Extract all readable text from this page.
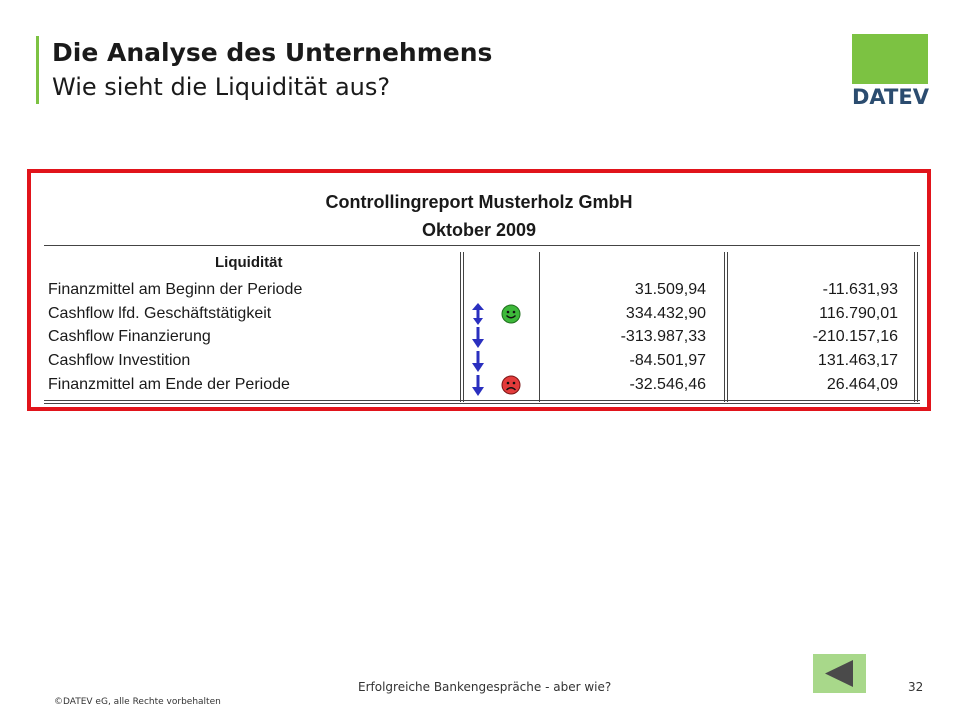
Die Analyse des Unternehmens
Wie sieht die Liquidität aus?	DATEV
Controllingreport Musterholz GmbH
Oktober 2009
Liquidität
Finanzmittel am Beginn der Periode	31.509,94	-11.631,93
Cashflow lfd. Geschäftstätigkeit	334.432,90	116.790,01
Cashflow Finanzierung	-313.987,33	-210.157,16
Cashflow Investition	-84.501,97	131.463,17
Finanzmittel am Ende der Periode	-32.546,46	26.464,09
©DATEV eG, alle Rechte vorbehalten
Erfolgreiche Bankengespräche - aber wie?	32
